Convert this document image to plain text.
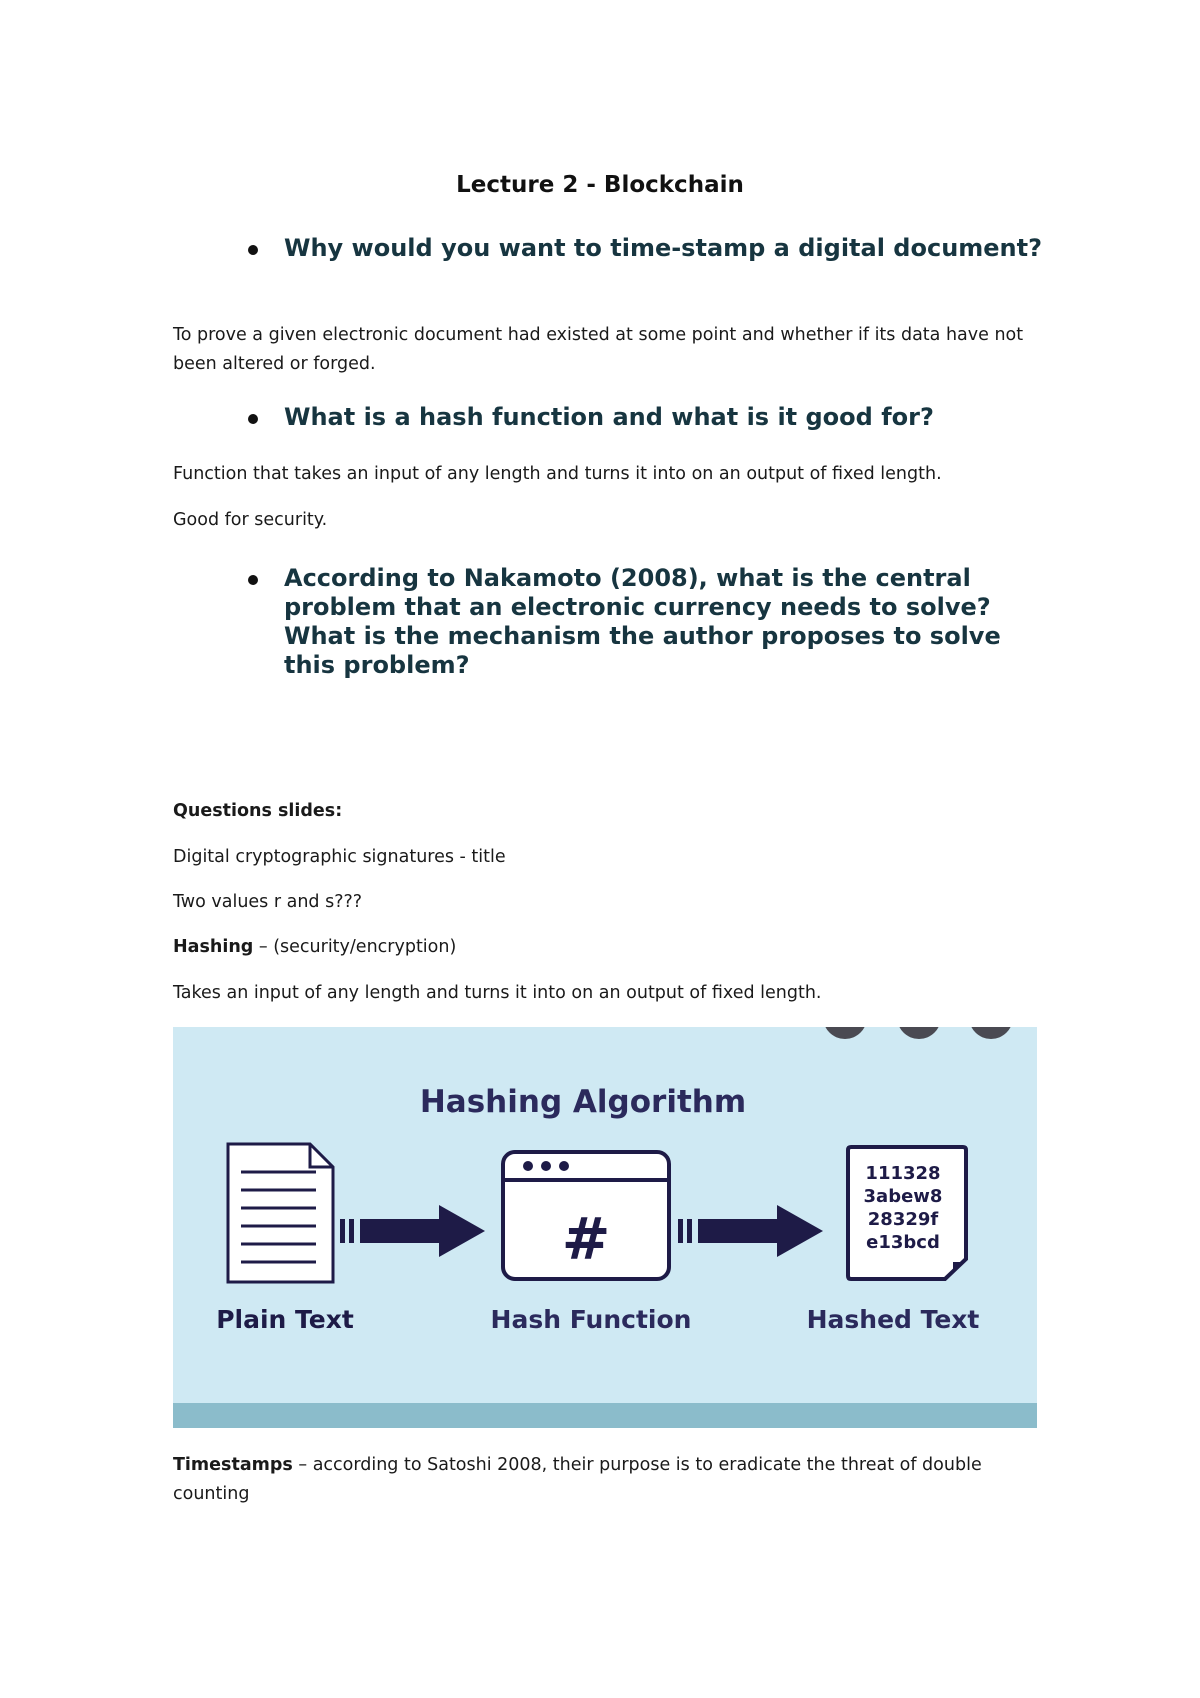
Lecture 2 - Blockchain
Why would you want to time-stamp a digital document?
To prove a given electronic document had existed at some point and whether if its data have not been altered or forged.
What is a hash function and what is it good for?
Function that takes an input of any length and turns it into on an output of fixed length.
Good for security.
According to Nakamoto (2008), what is the central problem that an electronic currency needs to solve? What is the mechanism the author proposes to solve this problem?
Questions slides:
Digital cryptographic signatures - title
Two values r and s???
Hashing – (security/encryption)
Takes an input of any length and turns it into on an output of fixed length.
Hashing Algorithm
#
111328
3abew8
28329f
e13bcd
Plain Text	Hash Function	Hashed Text
Timestamps – according to Satoshi 2008, their purpose is to eradicate the threat of double counting
